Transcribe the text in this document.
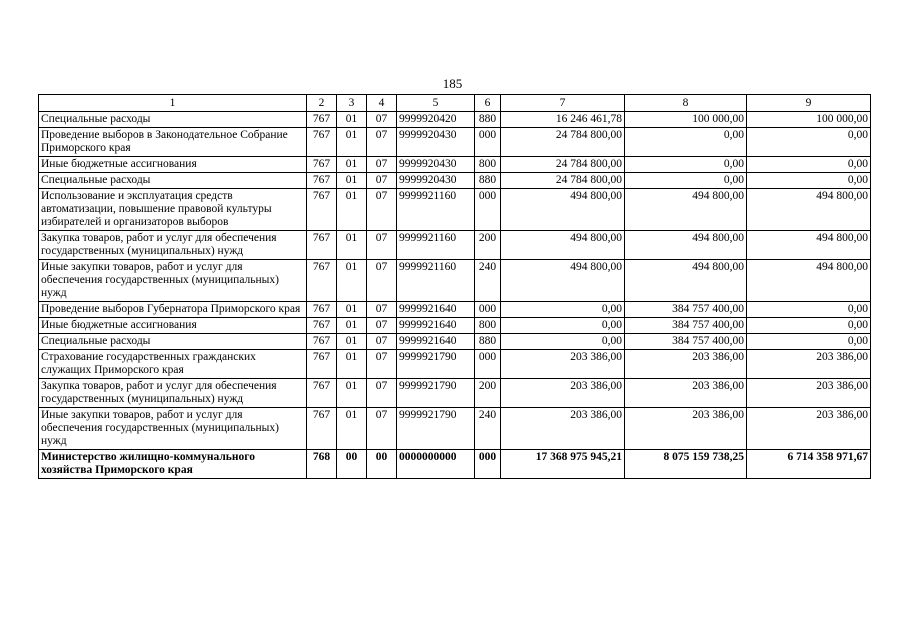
185
1	2	3	4	5	6	7	8	9
Специальные расходы	767	01	07	9999920420	880	16 246 461,78	100 000,00	100 000,00
Проведение выборов в Законодательное Собрание Приморского края	767	01	07	9999920430	000	24 784 800,00	0,00	0,00
Иные бюджетные ассигнования	767	01	07	9999920430	800	24 784 800,00	0,00	0,00
Специальные расходы	767	01	07	9999920430	880	24 784 800,00	0,00	0,00
Использование и эксплуатация средств автоматизации, повышение правовой культуры избирателей и организаторов выборов	767	01	07	9999921160	000	494 800,00	494 800,00	494 800,00
Закупка товаров, работ и услуг для обеспечения государственных (муниципальных) нужд	767	01	07	9999921160	200	494 800,00	494 800,00	494 800,00
Иные закупки товаров, работ и услуг для обеспечения государственных (муниципальных) нужд	767	01	07	9999921160	240	494 800,00	494 800,00	494 800,00
Проведение выборов Губернатора Приморского края	767	01	07	9999921640	000	0,00	384 757 400,00	0,00
Иные бюджетные ассигнования	767	01	07	9999921640	800	0,00	384 757 400,00	0,00
Специальные расходы	767	01	07	9999921640	880	0,00	384 757 400,00	0,00
Страхование государственных гражданских служащих Приморского края	767	01	07	9999921790	000	203 386,00	203 386,00	203 386,00
Закупка товаров, работ и услуг для обеспечения государственных (муниципальных) нужд	767	01	07	9999921790	200	203 386,00	203 386,00	203 386,00
Иные закупки товаров, работ и услуг для обеспечения государственных (муниципальных) нужд	767	01	07	9999921790	240	203 386,00	203 386,00	203 386,00
Министерство жилищно-коммунального хозяйства Приморского края	768	00	00	0000000000	000	17 368 975 945,21	8 075 159 738,25	6 714 358 971,67
